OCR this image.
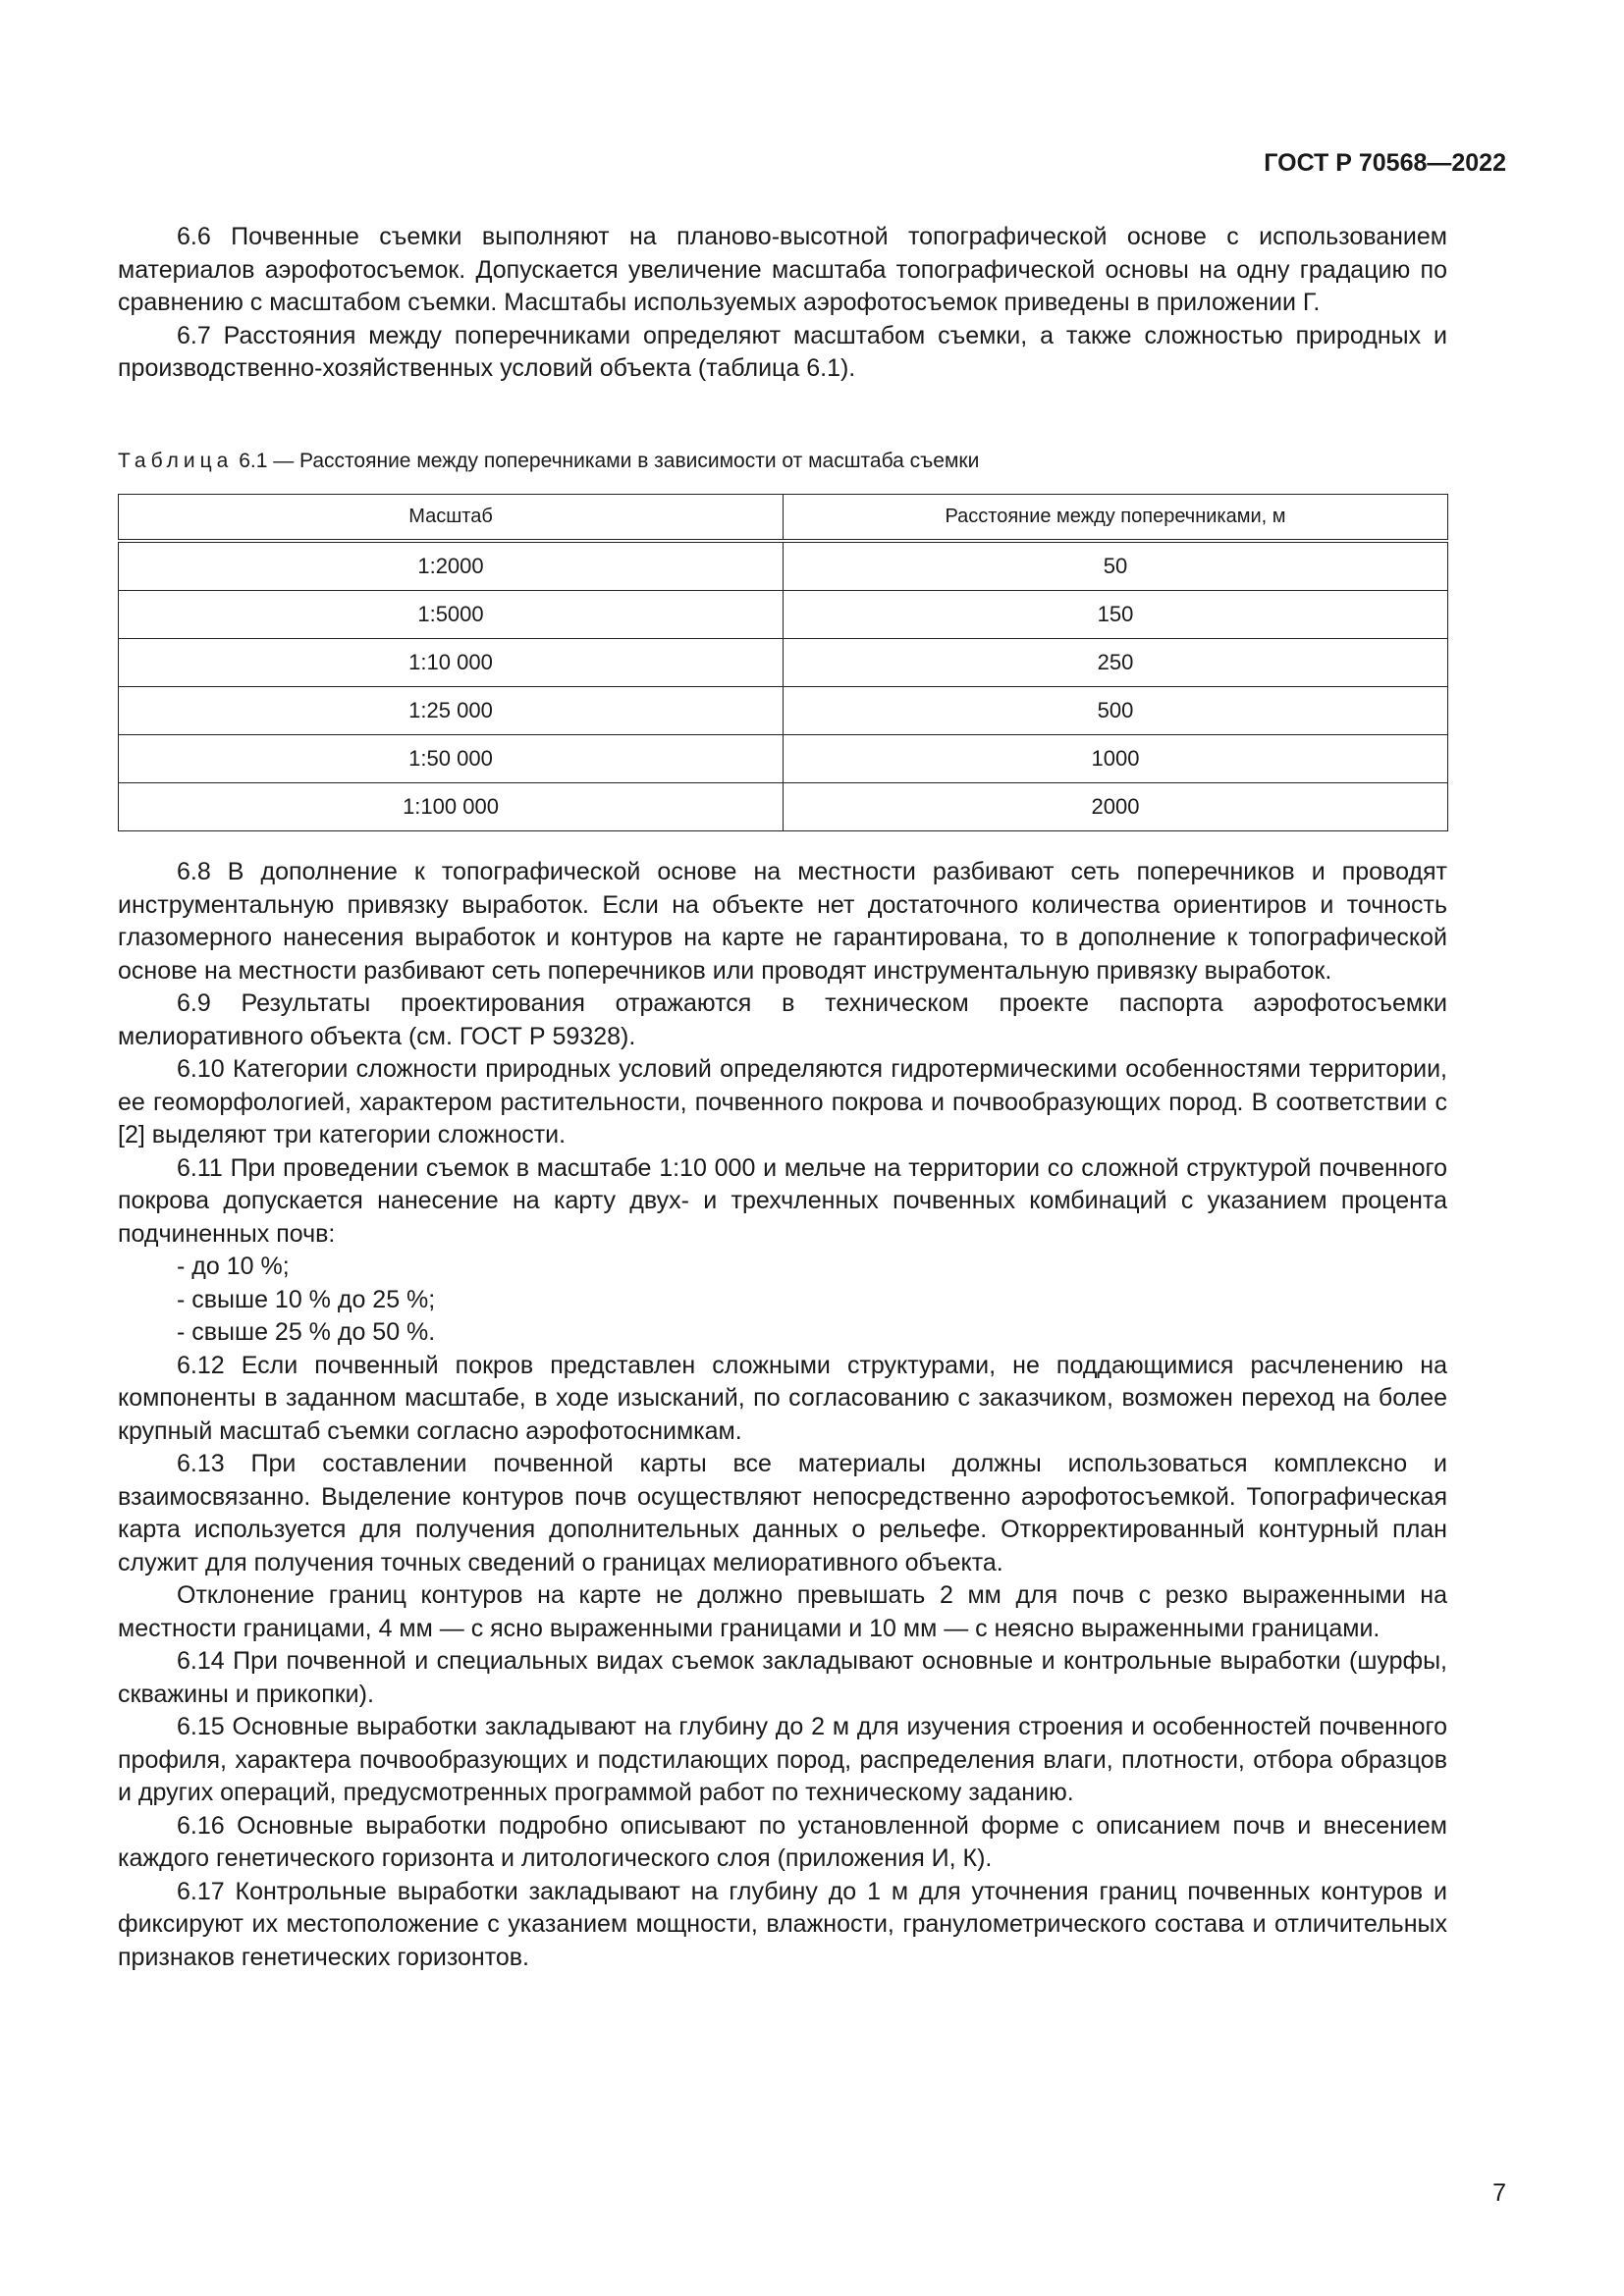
ГОСТ Р 70568—2022

6.6 Почвенные съемки выполняют на планово-высотной топографической основе с использованием материалов аэрофотосъемок. Допускается увеличение масштаба топографической основы на одну градацию по сравнению с масштабом съемки. Масштабы используемых аэрофотосъемок приведены в приложении Г.

6.7 Расстояния между поперечниками определяют масштабом съемки, а также сложностью природных и производственно-хозяйственных условий объекта (таблица 6.1).

Таблица 6.1 — Расстояние между поперечниками в зависимости от масштаба съемки
Масштаб	Расстояние между поперечниками, м
1:2000	50
1:5000	150
1:10 000	250
1:25 000	500
1:50 000	1000
1:100 000	2000

6.8 В дополнение к топографической основе на местности разбивают сеть поперечников и проводят инструментальную привязку выработок. Если на объекте нет достаточного количества ориентиров и точность глазомерного нанесения выработок и контуров на карте не гарантирована, то в дополнение к топографической основе на местности разбивают сеть поперечников или проводят инструментальную привязку выработок.

6.9 Результаты проектирования отражаются в техническом проекте паспорта аэрофотосъемки мелиоративного объекта (см. ГОСТ Р 59328).

6.10 Категории сложности природных условий определяются гидротермическими особенностями территории, ее геоморфологией, характером растительности, почвенного покрова и почвообразующих пород. В соответствии с [2] выделяют три категории сложности.

6.11 При проведении съемок в масштабе 1:10 000 и мельче на территории со сложной структурой почвенного покрова допускается нанесение на карту двух- и трехчленных почвенных комбинаций с указанием процента подчиненных почв:

- до 10 %;

- свыше 10 % до 25 %;

- свыше 25 % до 50 %.

6.12 Если почвенный покров представлен сложными структурами, не поддающимися расчленению на компоненты в заданном масштабе, в ходе изысканий, по согласованию с заказчиком, возможен переход на более крупный масштаб съемки согласно аэрофотоснимкам.

6.13 При составлении почвенной карты все материалы должны использоваться комплексно и взаимосвязанно. Выделение контуров почв осуществляют непосредственно аэрофотосъемкой. Топографическая карта используется для получения дополнительных данных о рельефе. Откорректированный контурный план служит для получения точных сведений о границах мелиоративного объекта.

Отклонение границ контуров на карте не должно превышать 2 мм для почв с резко выраженными на местности границами, 4 мм — с ясно выраженными границами и 10 мм — с неясно выраженными границами.

6.14 При почвенной и специальных видах съемок закладывают основные и контрольные выработки (шурфы, скважины и прикопки).

6.15 Основные выработки закладывают на глубину до 2 м для изучения строения и особенностей почвенного профиля, характера почвообразующих и подстилающих пород, распределения влаги, плотности, отбора образцов и других операций, предусмотренных программой работ по техническому заданию.

6.16 Основные выработки подробно описывают по установленной форме с описанием почв и внесением каждого генетического горизонта и литологического слоя (приложения И, К).

6.17 Контрольные выработки закладывают на глубину до 1 м для уточнения границ почвенных контуров и фиксируют их местоположение с указанием мощности, влажности, гранулометрического состава и отличительных признаков генетических горизонтов.

7
